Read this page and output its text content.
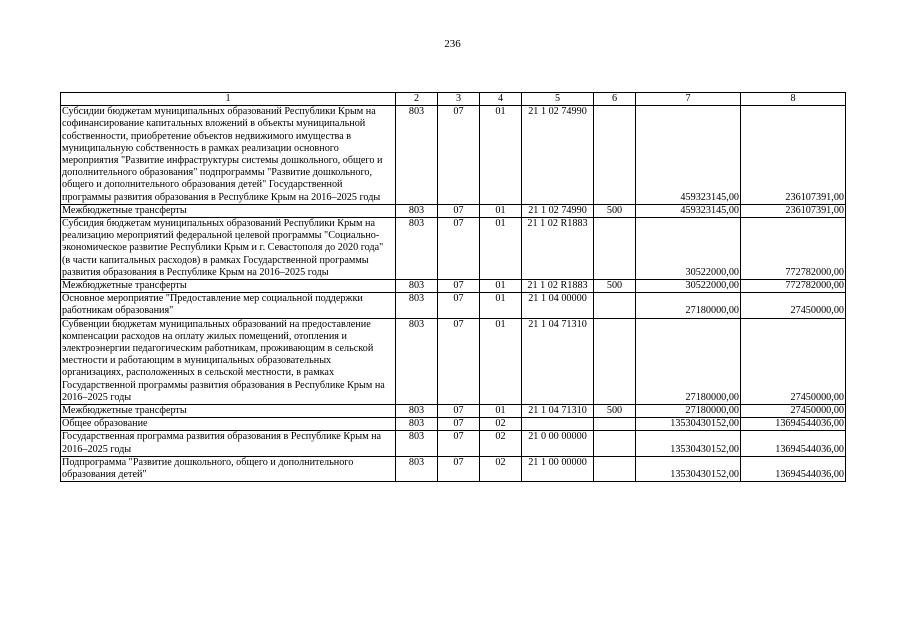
236
1	2	3	4	5	6	7	8
Субсидии бюджетам муниципальных образований Республики Крым на софинансирование капитальных вложений в объекты муниципальной собственности, приобретение объектов недвижимого имущества в муниципальную собственность в рамках реализации основного мероприятия "Развитие инфраструктуры системы дошкольного, общего и дополнительного образования" подпрограммы "Развитие дошкольного, общего и дополнительного образования детей" Государственной программы развития образования в Республике Крым на 2016–2025 годы	803	07	01	21 1 02 74990		459323145,00	236107391,00
Межбюджетные трансферты	803	07	01	21 1 02 74990	500	459323145,00	236107391,00
Субсидия бюджетам муниципальных образований Республики Крым на реализацию мероприятий федеральной целевой программы "Социально-экономическое развитие Республики Крым и г. Севастополя до 2020 года" (в части капитальных расходов) в рамках Государственной программы развития образования в Республике Крым на 2016–2025 годы	803	07	01	21 1 02 R1883		30522000,00	772782000,00
Межбюджетные трансферты	803	07	01	21 1 02 R1883	500	30522000,00	772782000,00
Основное мероприятие "Предоставление мер социальной поддержки работникам образования"	803	07	01	21 1 04 00000		27180000,00	27450000,00
Субвенции бюджетам муниципальных образований на предоставление компенсации расходов на оплату жилых помещений, отопления и электроэнергии педагогическим работникам, проживающим в сельской местности и работающим в муниципальных образовательных организациях, расположенных в сельской местности, в рамках Государственной программы развития образования в Республике Крым на 2016–2025 годы	803	07	01	21 1 04 71310		27180000,00	27450000,00
Межбюджетные трансферты	803	07	01	21 1 04 71310	500	27180000,00	27450000,00
Общее образование	803	07	02			13530430152,00	13694544036,00
Государственная программа развития образования в Республике Крым на 2016–2025 годы	803	07	02	21 0 00 00000		13530430152,00	13694544036,00
Подпрограмма "Развитие дошкольного, общего и дополнительного образования детей"	803	07	02	21 1 00 00000		13530430152,00	13694544036,00
